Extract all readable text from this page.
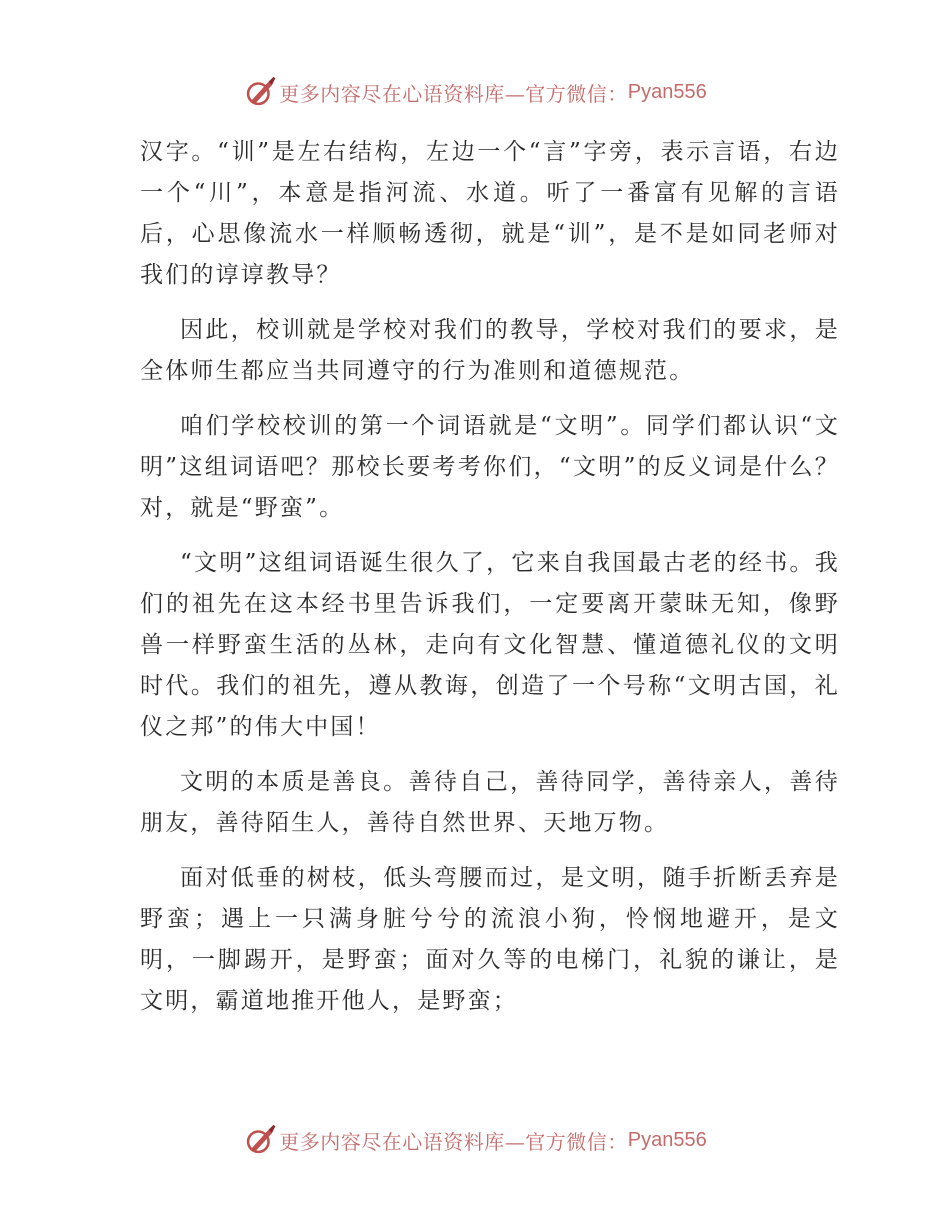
更多内容尽在心语资料库—官方微信： Pyan556

汉字。“训”是左右结构，左边一个“言”字旁，表示言语，右边一个“川”，本意是指河流、水道。听了一番富有见解的言语后，心思像流水一样顺畅透彻，就是“训”，是不是如同老师对我们的谆谆教导？

因此，校训就是学校对我们的教导，学校对我们的要求，是全体师生都应当共同遵守的行为准则和道德规范。

咱们学校校训的第一个词语就是“文明”。同学们都认识“文明”这组词语吧？那校长要考考你们，“文明”的反义词是什么？对，就是“野蛮”。

“文明”这组词语诞生很久了，它来自我国最古老的经书。我们的祖先在这本经书里告诉我们，一定要离开蒙昧无知，像野兽一样野蛮生活的丛林，走向有文化智慧、懂道德礼仪的文明时代。我们的祖先，遵从教诲，创造了一个号称“文明古国，礼仪之邦”的伟大中国！

文明的本质是善良。善待自己，善待同学，善待亲人，善待朋友，善待陌生人，善待自然世界、天地万物。

面对低垂的树枝，低头弯腰而过，是文明，随手折断丢弃是野蛮；遇上一只满身脏兮兮的流浪小狗，怜悯地避开，是文明，一脚踢开，是野蛮；面对久等的电梯门，礼貌的谦让，是文明，霸道地推开他人，是野蛮；

更多内容尽在心语资料库—官方微信： Pyan556
